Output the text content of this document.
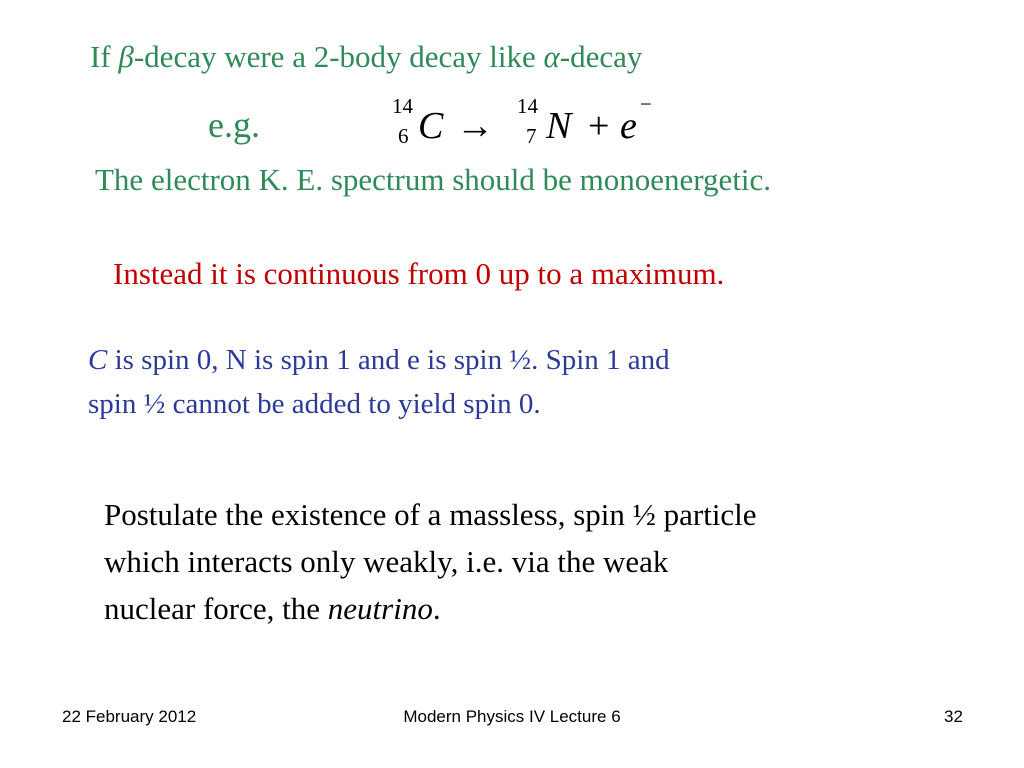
If β-decay were a 2-body decay like α-decay
e.g.	14
6 C → 14
7 N + e
−
The electron K. E. spectrum should be monoenergetic.
Instead it is continuous from 0 up to a maximum.
C is spin 0, N is spin 1 and e is spin ½. Spin 1 and
spin ½ cannot be added to yield spin 0.
Postulate the existence of a massless, spin ½ particle
which interacts only weakly, i.e. via the weak
nuclear force, the neutrino.
22 February 2012	Modern Physics IV Lecture 6	32
